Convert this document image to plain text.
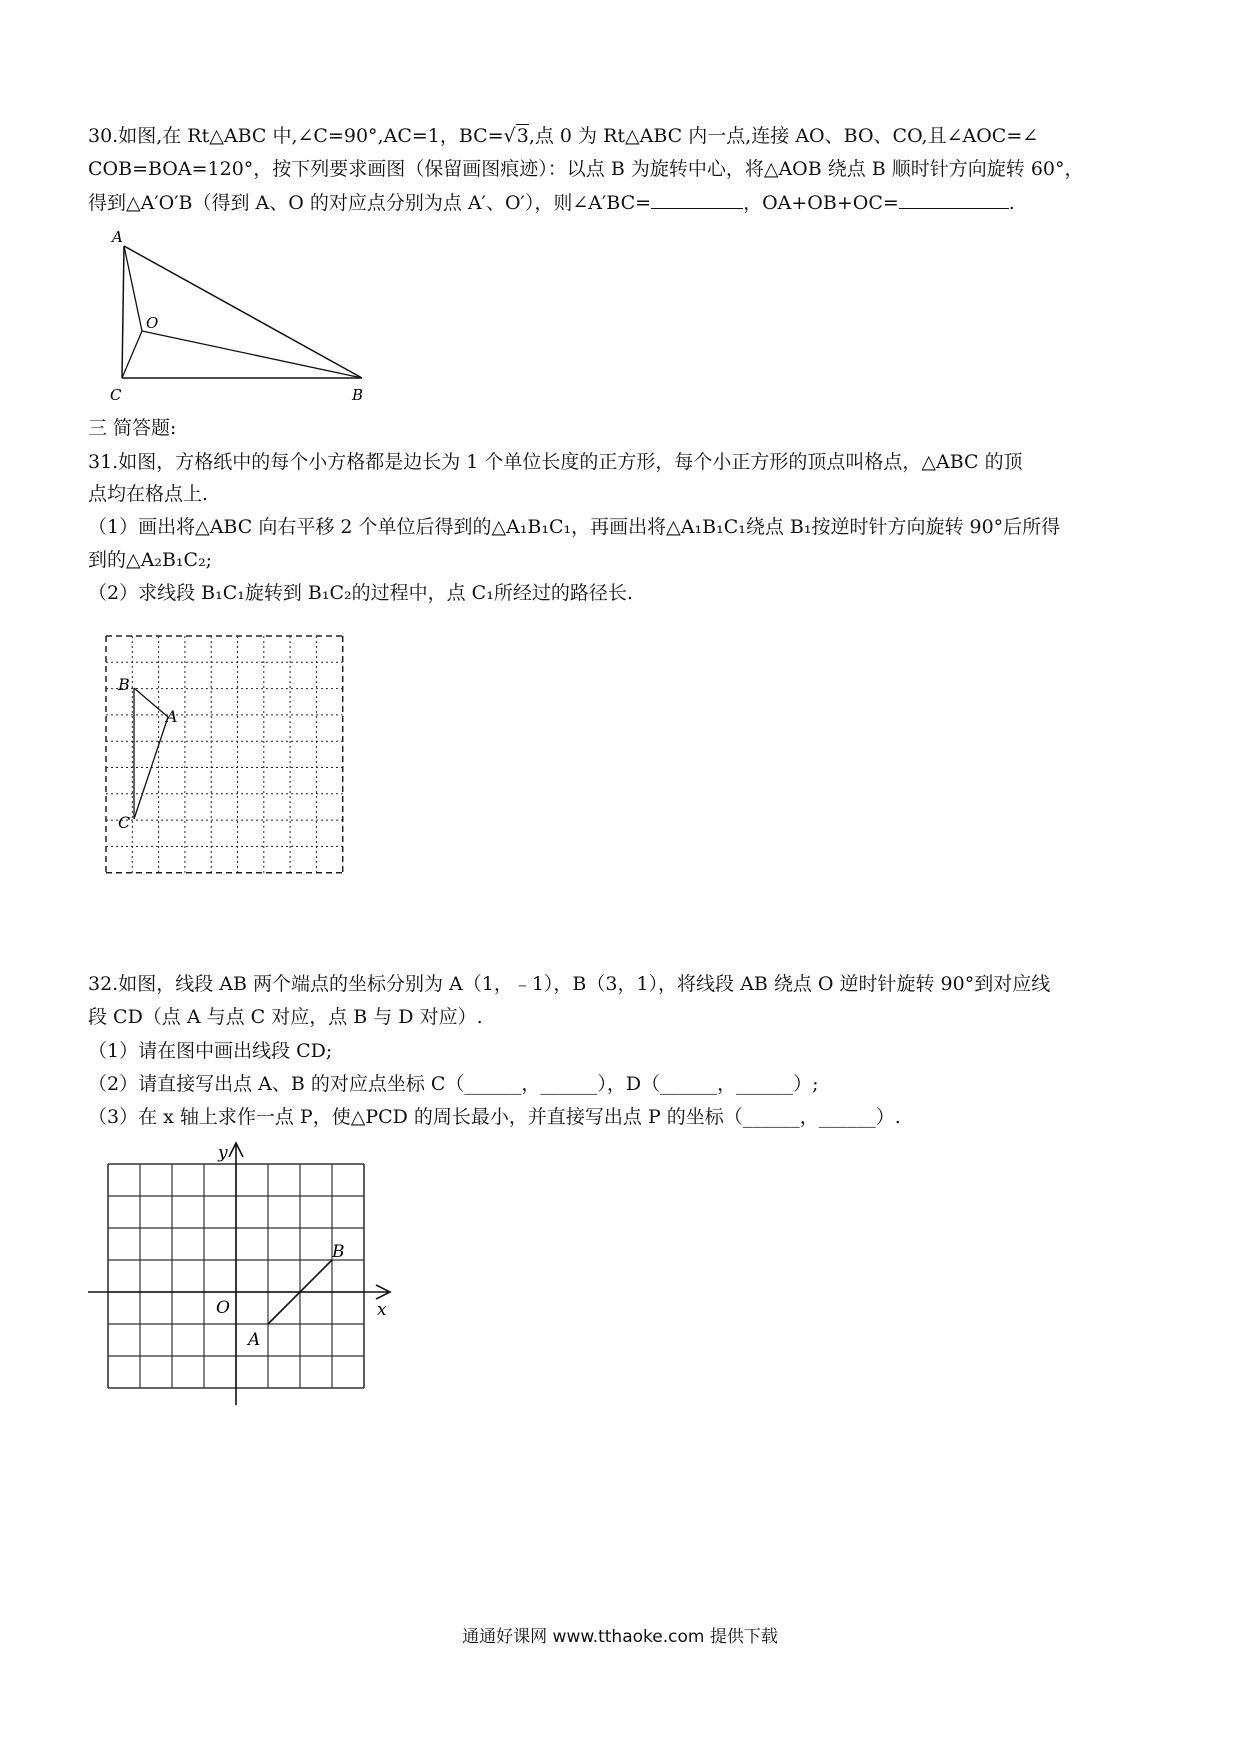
30.如图,在 Rt△ABC 中,∠C=90°,AC=1，BC=√3,点 0 为 Rt△ABC 内一点,连接 AO、BO、CO,且∠AOC=∠
COB=BOA=120°，按下列要求画图（保留画图痕迹）：以点 B 为旋转中心，将△AOB 绕点 B 顺时针方向旋转 60°，
得到△A′O′B（得到 A、O 的对应点分别为点 A′、O′），则∠A′BC=	，OA+OB+OC=	.
A
O
C	B
三 简答题:
31.如图，方格纸中的每个小方格都是边长为 1 个单位长度的正方形，每个小正方形的顶点叫格点，△ABC 的顶
点均在格点上.
（1）画出将△ABC 向右平移 2 个单位后得到的△A₁B₁C₁，再画出将△A₁B₁C₁绕点 B₁按逆时针方向旋转 90°后所得
到的△A₂B₁C₂;
（2）求线段 B₁C₁旋转到 B₁C₂的过程中，点 C₁所经过的路径长.
B
A
C
32.如图，线段 AB 两个端点的坐标分别为 A（1，﹣1），B（3，1），将线段 AB 绕点 O 逆时针旋转 90°到对应线
段 CD（点 A 与点 C 对应，点 B 与 D 对应）.
（1）请在图中画出线段 CD;
（2）请直接写出点 A、B 的对应点坐标 C（______，______），D（______，______）;
（3）在 x 轴上求作一点 P，使△PCD 的周长最小，并直接写出点 P 的坐标（______，______）.
y
x
O
A
B
通通好课网 www.tthaoke.com 提供下载
